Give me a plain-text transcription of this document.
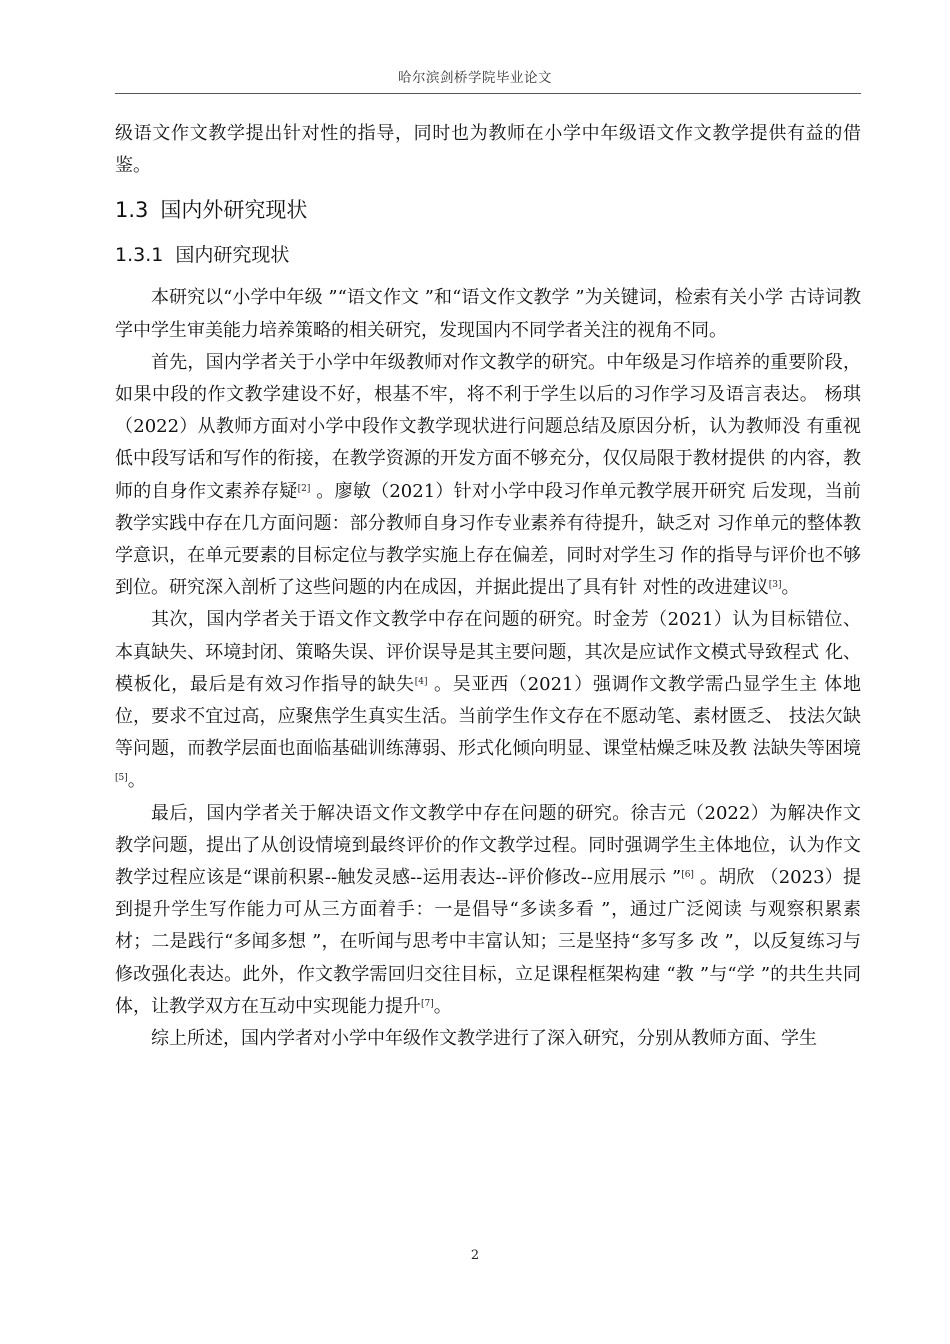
哈尔滨剑桥学院毕业论文

级语文作文教学提出针对性的指导，同时也为教师在小学中年级语文作文教学提供有益的借鉴。

1.3 国内外研究现状
1.3.1 国内研究现状

本研究以“小学中年级 ”“语文作文 ”和“语文作文教学 ”为关键词，检索有关小学 古诗词教学中学生审美能力培养策略的相关研究，发现国内不同学者关注的视角不同。

首先，国内学者关于小学中年级教师对作文教学的研究。中年级是习作培养的重要阶段，如果中段的作文教学建设不好，根基不牢，将不利于学生以后的习作学习及语言表达。 杨琪（2022）从教师方面对小学中段作文教学现状进行问题总结及原因分析，认为教师没 有重视低中段写话和写作的衔接，在教学资源的开发方面不够充分，仅仅局限于教材提供 的内容，教师的自身作文素养存疑[2] 。廖敏（2021）针对小学中段习作单元教学展开研究 后发现，当前教学实践中存在几方面问题：部分教师自身习作专业素养有待提升，缺乏对 习作单元的整体教学意识，在单元要素的目标定位与教学实施上存在偏差，同时对学生习 作的指导与评价也不够到位。研究深入剖析了这些问题的内在成因，并据此提出了具有针 对性的改进建议[3]。

其次，国内学者关于语文作文教学中存在问题的研究。时金芳（2021）认为目标错位、 本真缺失、环境封闭、策略失误、评价误导是其主要问题，其次是应试作文模式导致程式 化、模板化，最后是有效习作指导的缺失[4] 。吴亚西（2021）强调作文教学需凸显学生主 体地位，要求不宜过高，应聚焦学生真实生活。当前学生作文存在不愿动笔、素材匮乏、 技法欠缺等问题，而教学层面也面临基础训练薄弱、形式化倾向明显、课堂枯燥乏味及教 法缺失等困境[5]。

最后，国内学者关于解决语文作文教学中存在问题的研究。徐吉元（2022）为解决作文教学问题，提出了从创设情境到最终评价的作文教学过程。同时强调学生主体地位，认为作文教学过程应该是“课前积累--触发灵感--运用表达--评价修改--应用展示 ”[6] 。胡欣 （2023）提到提升学生写作能力可从三方面着手：一是倡导“多读多看 ”，通过广泛阅读 与观察积累素材；二是践行“多闻多想 ”，在听闻与思考中丰富认知；三是坚持“多写多 改 ”，以反复练习与修改强化表达。此外，作文教学需回归交往目标，立足课程框架构建 “教 ”与“学 ”的共生共同体，让教学双方在互动中实现能力提升[7]。

综上所述，国内学者对小学中年级作文教学进行了深入研究，分别从教师方面、学生

2
